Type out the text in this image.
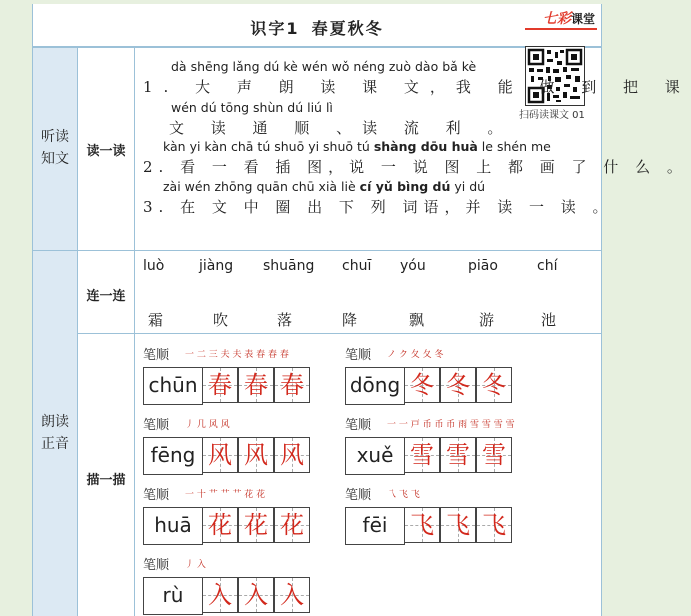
识字1 春夏秋冬	七彩课堂
听读
知文
朗读
正音
读一读
连一连
描一描
扫码读课文 01
dà shēng lǎng dú kè wén wǒ néng zuò dào bǎ kè
1. 大 声 朗 读 课 文，我 能 做 到 把 课
wén dú tōng shùn dú liú lì
文 读 通 顺 、读 流 利 。
kàn yi kàn chā tú shuō yi shuō tú shàng dōu huà le shén me
2. 看 一 看 插 图，说 一 说 图 上 都 画 了 什 么 。
zài wén zhōng quān chū xià liè cí yǔ bìng dú yi dú
3. 在 文 中 圈 出 下 列 词语，并 读 一 读 。
luò jiàng shuāng chuī yóu	piāo	chí
霜	吹	落	降	飘	游	池
笔顺 一 二 三 夫 夫 表 春 春 春
chūn 春 春 春
笔顺 ノ ク 夂 夂 冬
dōng 冬 冬 冬
笔顺 丿 几 风 风
fēng 风 风 风
笔顺 一 一 戸 币 币 币 雨 雪 雪 雪 雪
xuě 雪 雪 雪
笔顺 一 十 艹 艹 艹 花 花
huā 花 花 花
笔顺 乁 飞 飞
fēi 飞 飞 飞
笔顺 丿 入
rù	入 入 入
